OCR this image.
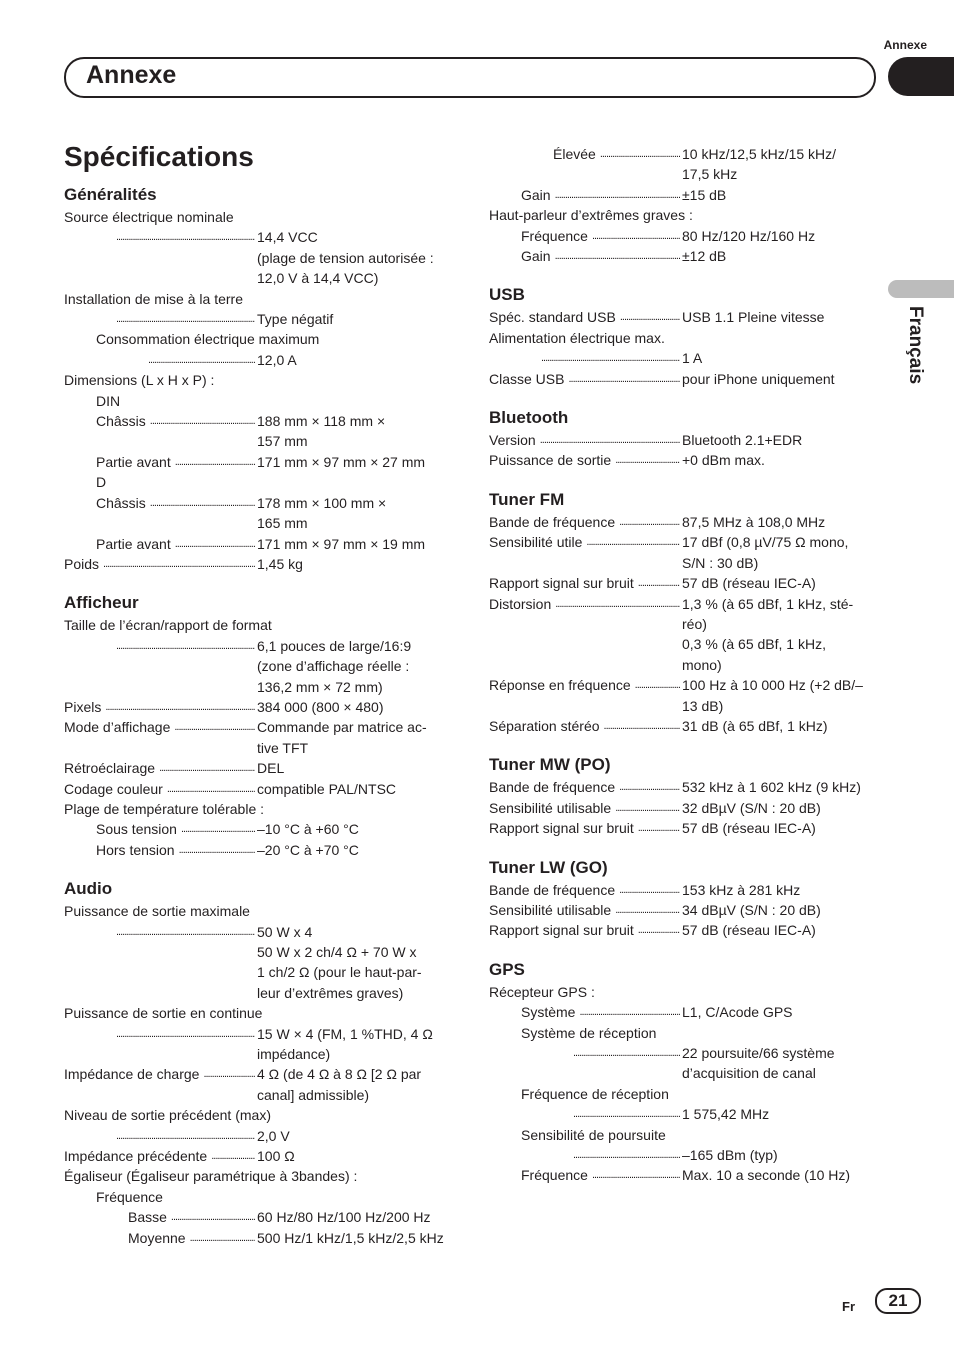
Annexe
Annexe
Français
Spécifications
Généralités
Source électrique nominale
.....
14,4 VCC
(plage de tension autorisée :
12,0 V à 14,4 VCC)
Installation de mise à la terre
.....
Type négatif
Consommation électrique maximum
.....
12,0 A
Dimensions (L x H x P) :
DIN
Châssis .....	188 mm × 118 mm ×
157 mm
Partie avant .....	171 mm × 97 mm × 27 mm
D
Châssis .....	178 mm × 100 mm ×
165 mm
Partie avant .....	171 mm × 97 mm × 19 mm
Poids .....	1,45 kg
Afficheur
Taille de l’écran/rapport de format
.....
6,1 pouces de large/16:9
(zone d’affichage réelle :
136,2 mm × 72 mm)
Pixels .....	384 000 (800 × 480)
Mode d’affichage .....	Commande par matrice ac-
tive TFT
Rétroéclairage .....	DEL
Codage couleur .....	compatible PAL/NTSC
Plage de température tolérable :
Sous tension .....	–10 °C à +60 °C
Hors tension .....	–20 °C à +70 °C
Audio
Puissance de sortie maximale
.....
50 W x 4
50 W x 2 ch/4 Ω + 70 W x
1 ch/2 Ω (pour le haut-par-
leur d’extrêmes graves)
Puissance de sortie en continue
.....
15 W × 4 (FM, 1 %THD, 4 Ω
impédance)
Impédance de charge .....	4 Ω (de 4 Ω à 8 Ω [2 Ω par
canal] admissible)
Niveau de sortie précédent (max)
.....
2,0 V
Impédance précédente .....	100 Ω
Égaliseur (Égaliseur paramétrique à 3bandes) :
Fréquence
Basse .....	60 Hz/80 Hz/100 Hz/200 Hz
Moyenne .....	500 Hz/1 kHz/1,5 kHz/2,5 kHz
Élevée .....	10 kHz/12,5 kHz/15 kHz/
17,5 kHz
Gain .....	±15 dB
Haut-parleur d’extrêmes graves :
Fréquence .....	80 Hz/120 Hz/160 Hz
Gain .....	±12 dB
USB
Spéc. standard USB .....	USB 1.1 Pleine vitesse
Alimentation électrique max.
.....
1 A
Classe USB .....	pour iPhone uniquement
Bluetooth
Version .....	Bluetooth 2.1+EDR
Puissance de sortie .....	+0 dBm max.
Tuner FM
Bande de fréquence .....	87,5 MHz à 108,0 MHz
Sensibilité utile .....	17 dBf (0,8 µV/75 Ω mono,
S/N : 30 dB)
Rapport signal sur bruit .....	57 dB (réseau IEC-A)
Distorsion .....	1,3 % (à 65 dBf, 1 kHz, sté-
réo)
0,3 % (à 65 dBf, 1 kHz,
mono)
Réponse en fréquence .....	100 Hz à 10 000 Hz (+2 dB/–
13 dB)
Séparation stéréo .....	31 dB (à 65 dBf, 1 kHz)
Tuner MW (PO)
Bande de fréquence .....	532 kHz à 1 602 kHz (9 kHz)
Sensibilité utilisable .....	32 dBµV (S/N : 20 dB)
Rapport signal sur bruit .....	57 dB (réseau IEC-A)
Tuner LW (GO)
Bande de fréquence .....	153 kHz à 281 kHz
Sensibilité utilisable .....	34 dBµV (S/N : 20 dB)
Rapport signal sur bruit .....	57 dB (réseau IEC-A)
GPS
Récepteur GPS :
Système .....	L1, C/Acode GPS
Système de réception
.....
22 poursuite/66 système
d’acquisition de canal
Fréquence de réception
.....
1 575,42 MHz
Sensibilité de poursuite
.....
–165 dBm (typ)
Fréquence .....	Max. 10 a seconde (10 Hz)
Fr	21
